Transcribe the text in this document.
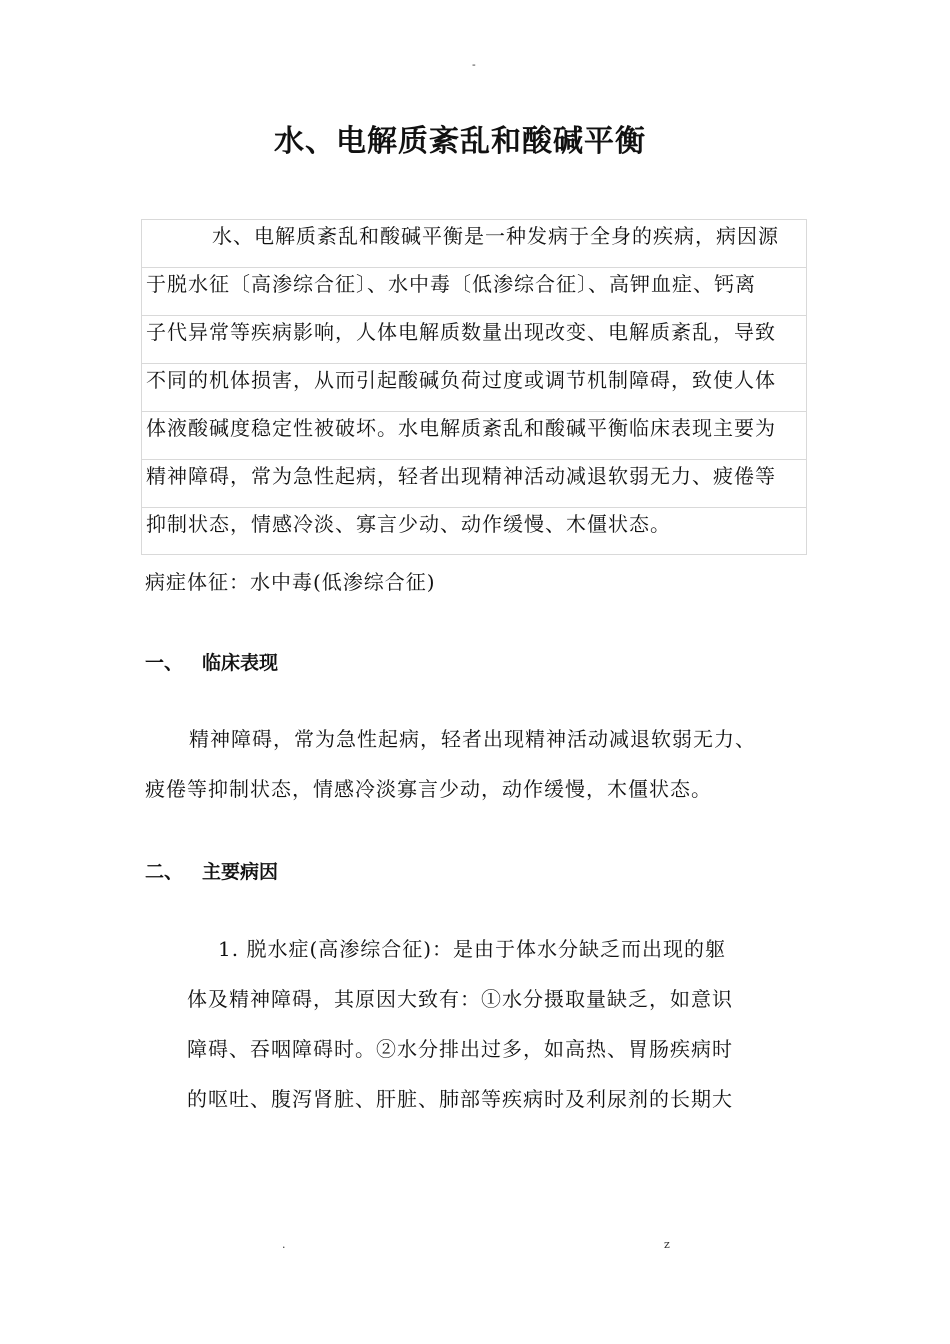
-
水、电解质紊乱和酸碱平衡
水、电解质紊乱和酸碱平衡是一种发病于全身的疾病，病因源
于脱水征〔高渗综合征〕、水中毒〔低渗综合征〕、高钾血症、钙离
子代异常等疾病影响，人体电解质数量出现改变、电解质紊乱，导致
不同的机体损害，从而引起酸碱负荷过度或调节机制障碍，致使人体
体液酸碱度稳定性被破坏。水电解质紊乱和酸碱平衡临床表现主要为
精神障碍，常为急性起病，轻者出现精神活动减退软弱无力、疲倦等
抑制状态，情感冷淡、寡言少动、动作缓慢、木僵状态。
病症体征：水中毒(低渗综合征)
一、 临床表现
精神障碍，常为急性起病，轻者出现精神活动减退软弱无力、
疲倦等抑制状态，情感冷淡寡言少动，动作缓慢，木僵状态。
二、 主要病因
1. 脱水症(高渗综合征)：是由于体水分缺乏而出现的躯
体及精神障碍，其原因大致有：①水分摄取量缺乏，如意识
障碍、吞咽障碍时。②水分排出过多，如高热、胃肠疾病时
的呕吐、腹泻肾脏、肝脏、肺部等疾病时及利尿剂的长期大
.	z
